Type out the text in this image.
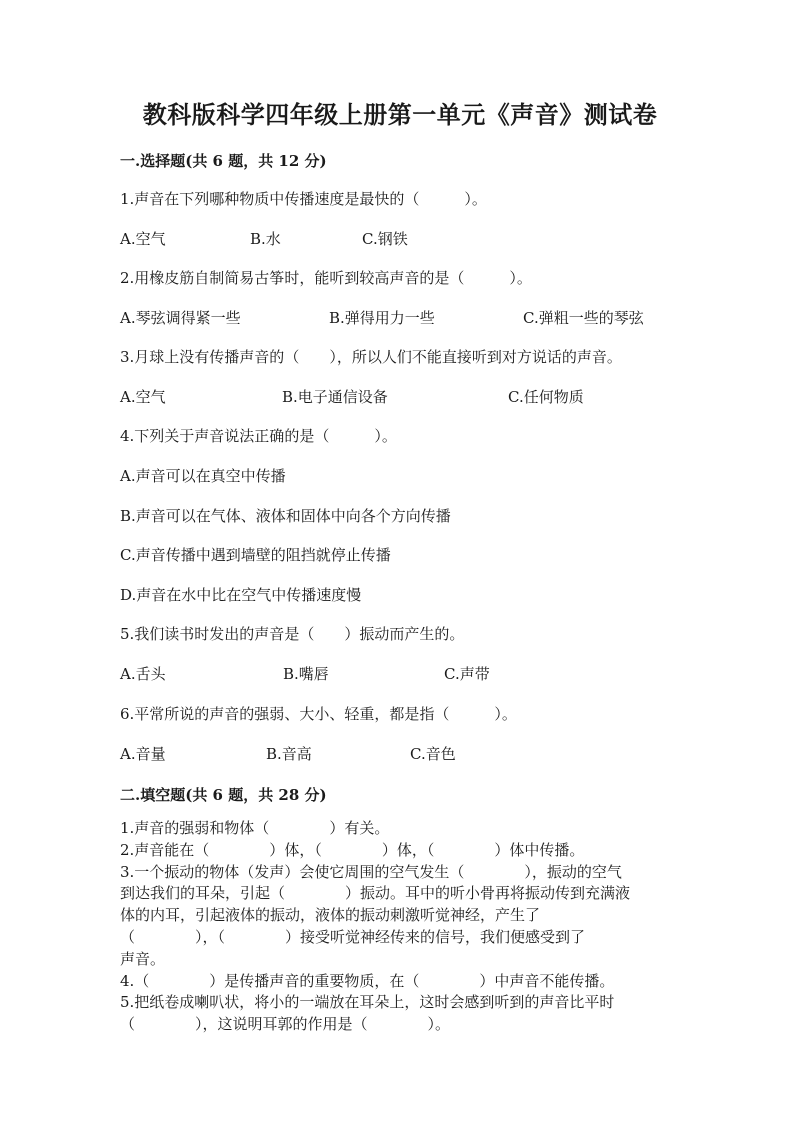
教科版科学四年级上册第一单元《声音》测试卷
一.选择题(共 6 题，共 12 分)
1.声音在下列哪种物质中传播速度是最快的（　　　）。
A.空气	B.水	C.钢铁
2.用橡皮筋自制简易古筝时，能听到较高声音的是（　　　）。
A.琴弦调得紧一些	B.弹得用力一些	C.弹粗一些的琴弦
3.月球上没有传播声音的（　　），所以人们不能直接听到对方说话的声音。
A.空气	B.电子通信设备	C.任何物质
4.下列关于声音说法正确的是（　　　）。
A.声音可以在真空中传播
B.声音可以在气体、液体和固体中向各个方向传播
C.声音传播中遇到墙壁的阻挡就停止传播
D.声音在水中比在空气中传播速度慢
5.我们读书时发出的声音是（　　）振动而产生的。
A.舌头	B.嘴唇	C.声带
6.平常所说的声音的强弱、大小、轻重，都是指（　　　）。
A.音量	B.音高	C.音色
二.填空题(共 6 题，共 28 分)
1.声音的强弱和物体（　　　　）有关。
2.声音能在（　　　　）体，（　　　　）体，（　　　　）体中传播。
3.一个振动的物体（发声）会使它周围的空气发生（　　　　），振动的空气
到达我们的耳朵，引起（　　　　）振动。耳中的听小骨再将振动传到充满液
体的内耳，引起液体的振动，液体的振动刺激听觉神经，产生了
（　　　　），（　　　　）接受听觉神经传来的信号，我们便感受到了
声音。
4.（　　　　）是传播声音的重要物质，在（　　　　）中声音不能传播。
5.把纸卷成喇叭状，将小的一端放在耳朵上，这时会感到听到的声音比平时
（　　　　），这说明耳郭的作用是（　　　　）。
